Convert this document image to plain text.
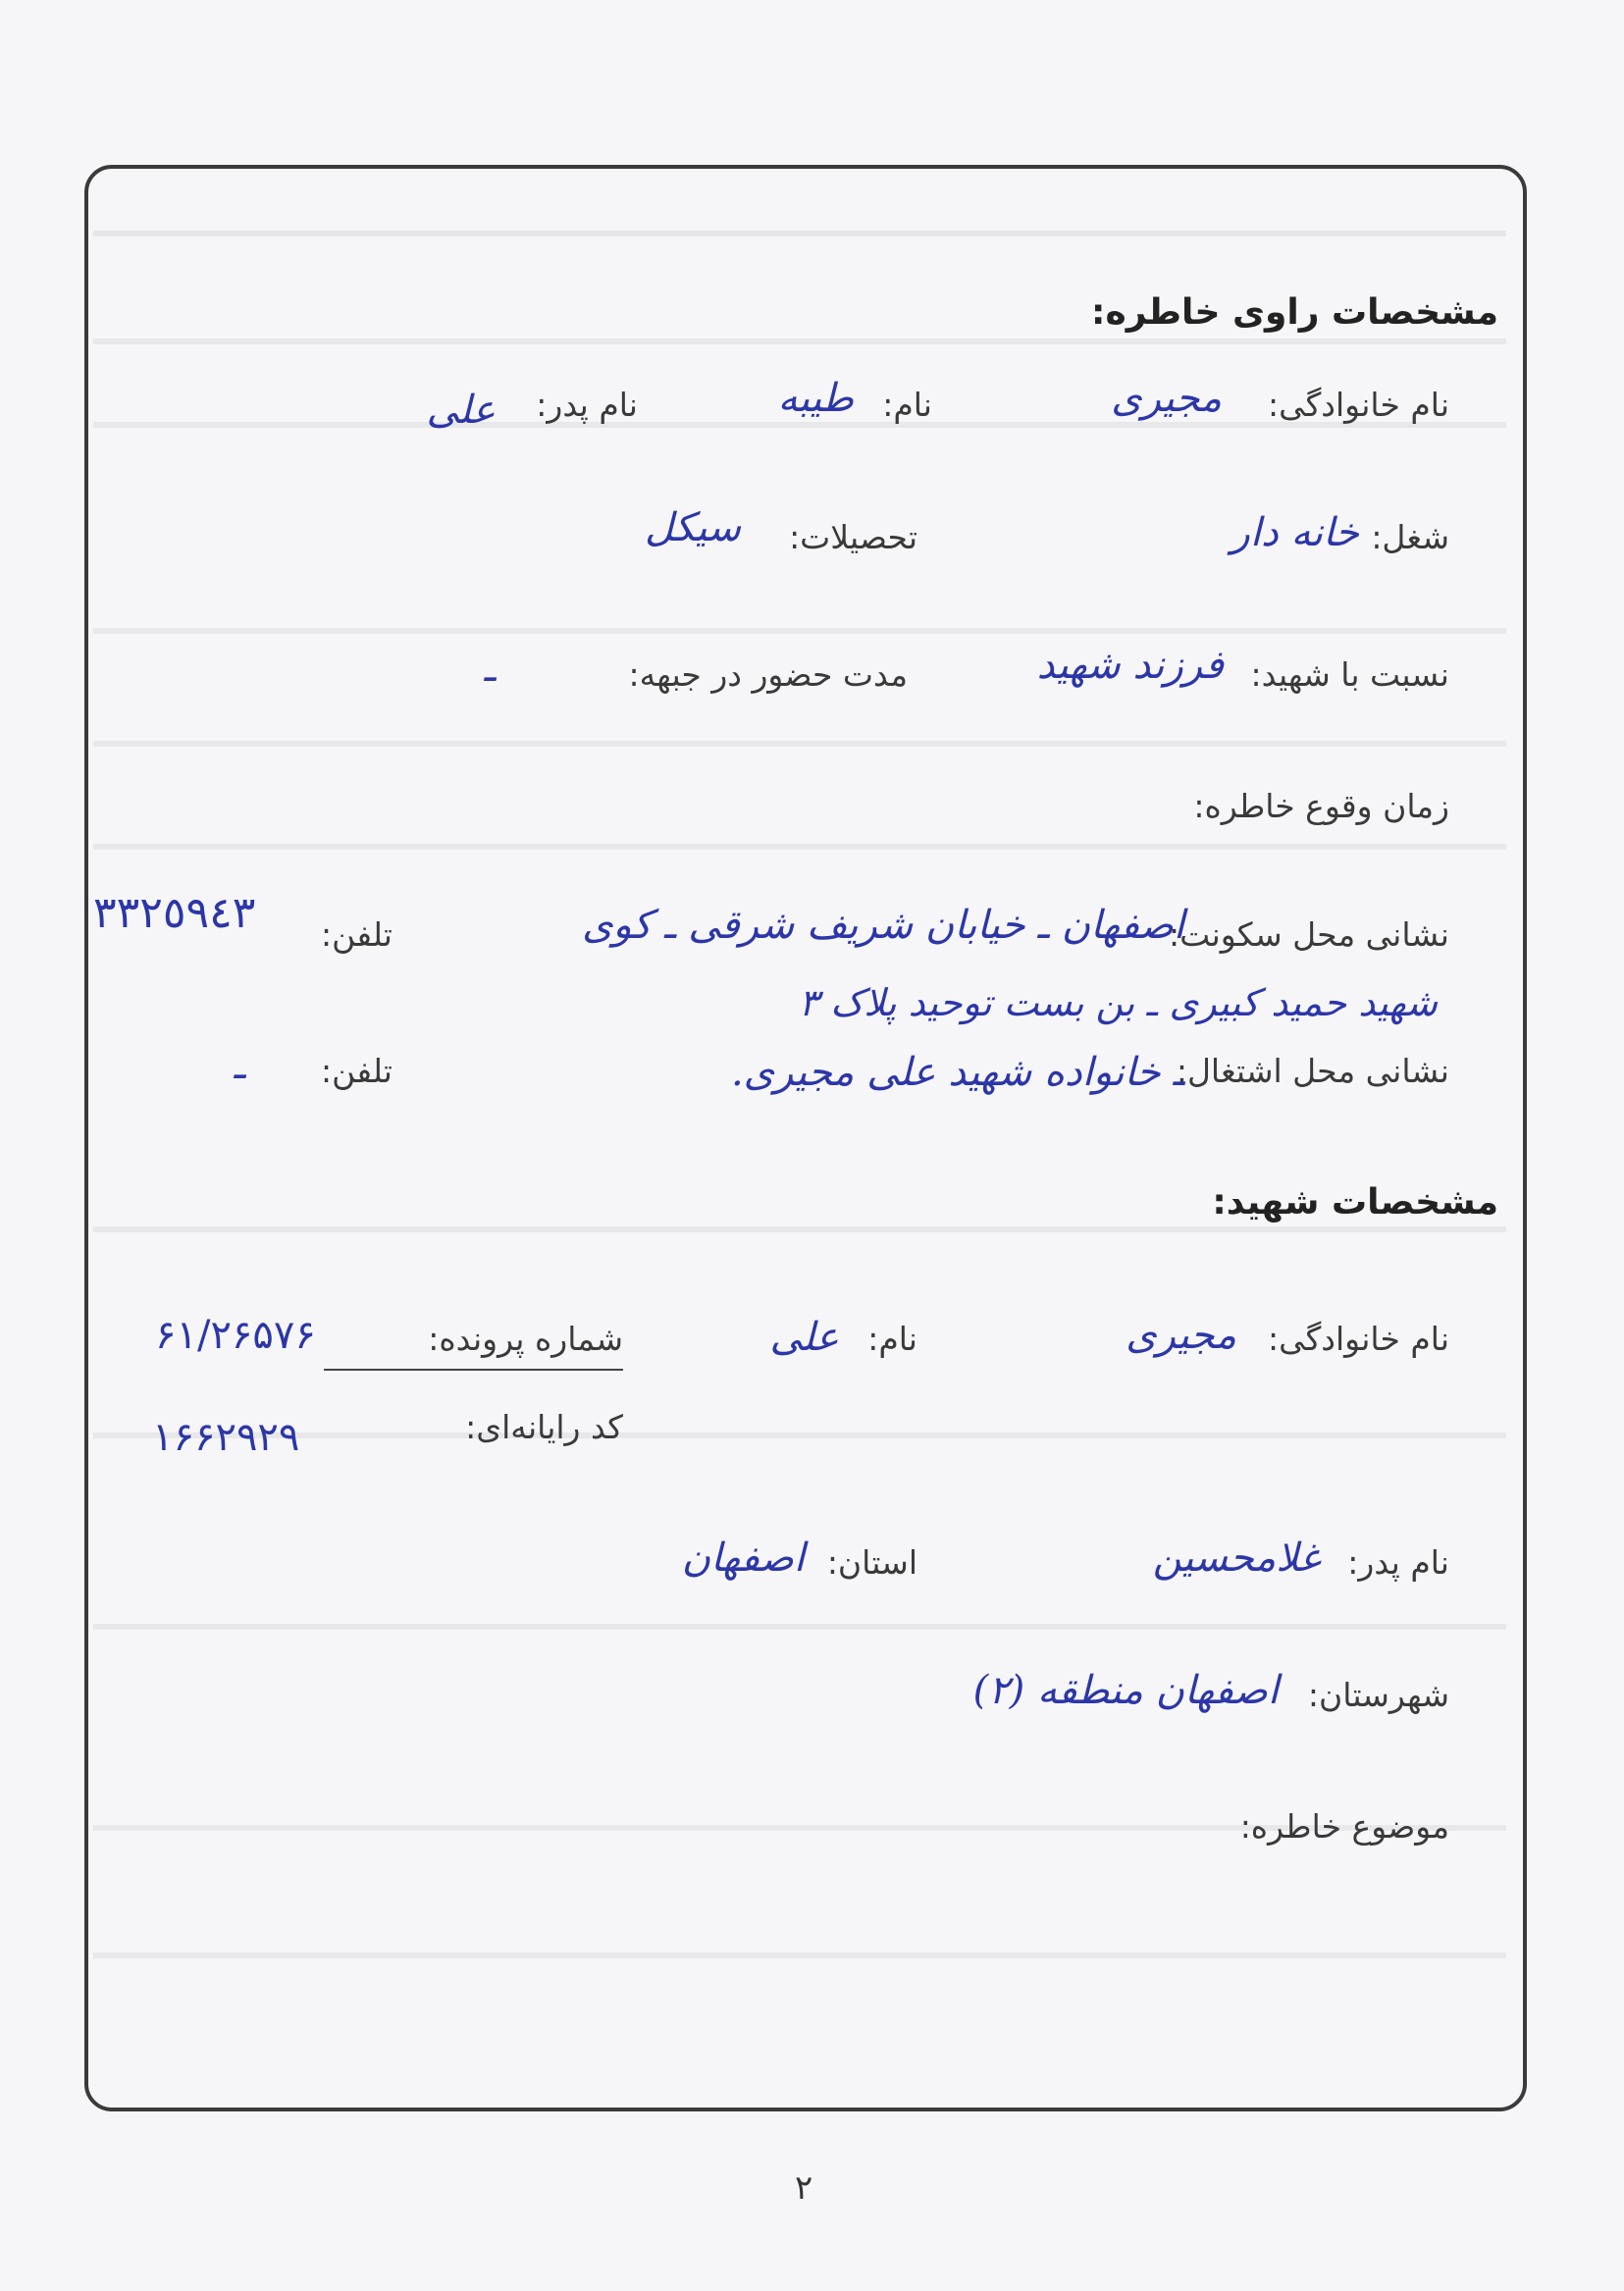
مشخصات راوی خاطره:
نام خانوادگی:
مجیری
نام:
طیبه
نام پدر:
علی
شغل:
خانه دار
تحصیلات:
سیکل
نسبت با شهید:
فرزند شهید
مدت حضور در جبهه:
ـ
زمان وقوع خاطره:
نشانی محل سکونت:
اصفهان ـ خیابان شریف شرقی ـ کوی
شهید حمید کبیری ـ بن بست توحید پلاک ۳
تلفن:
۳۳۲٥٩٤٣
نشانی محل اشتغال:
ـ خانواده شهید علی مجیری.
تلفن:
ـ
مشخصات شهید:
نام خانوادگی:
مجیری
نام:
علی
شماره پرونده:
۶۱/۲۶۵۷۶
کد رایانه‌ای:
۱۶۶۲۹۲۹
نام پدر:
غلامحسین
استان:
اصفهان
شهرستان:
اصفهان منطقه (۲)
موضوع خاطره:
٢
